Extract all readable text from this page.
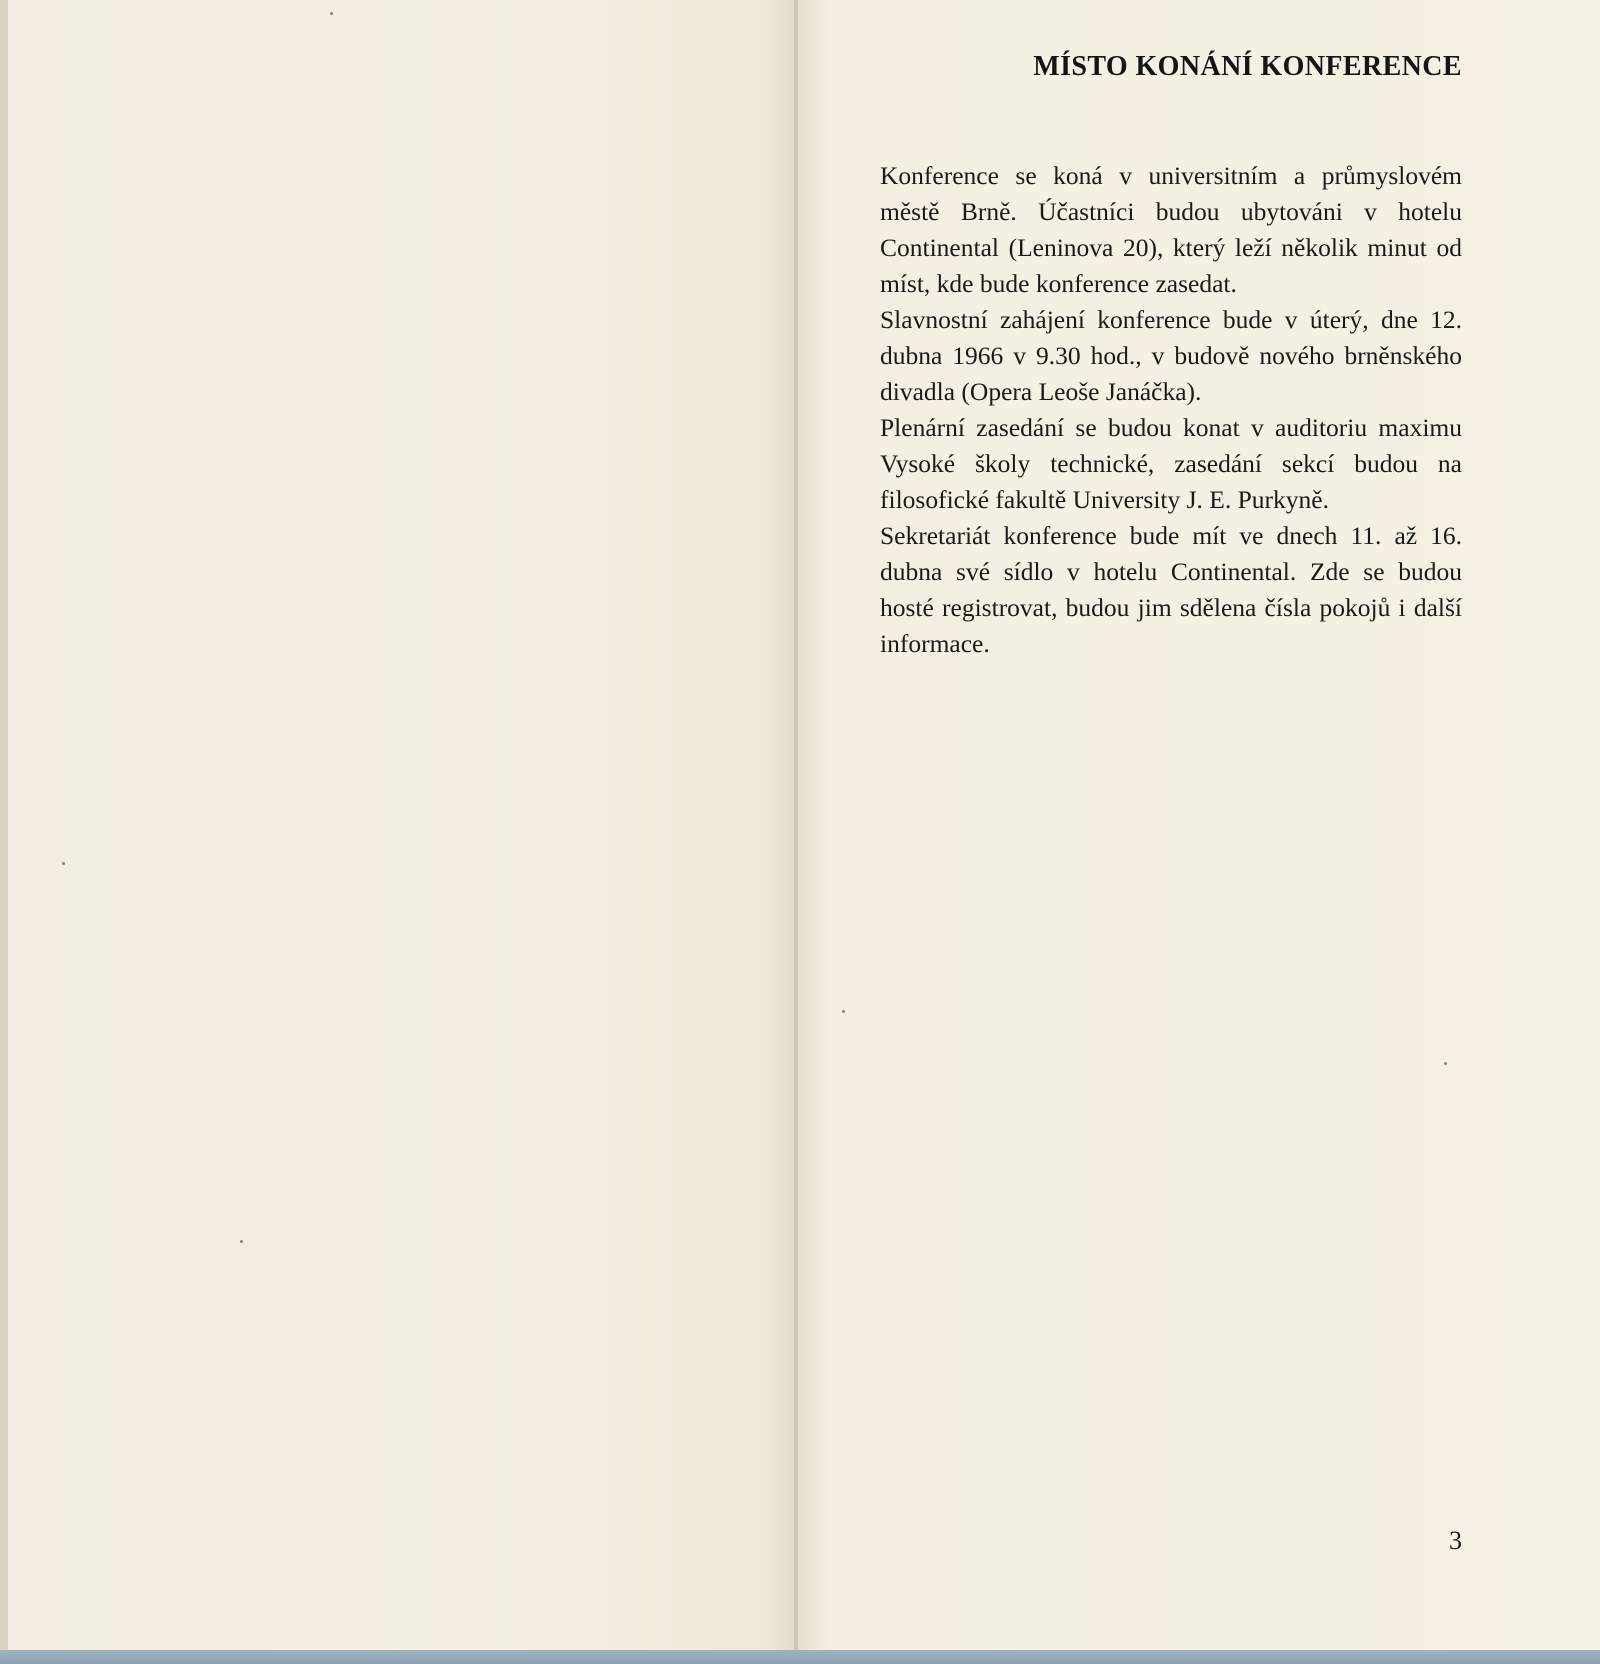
MÍSTO KONÁNÍ KONFERENCE

Konference se koná v universitním a průmyslovém městě Brně. Účastníci budou ubytováni v hotelu Continental (Leninova 20), který leží několik minut od míst, kde bude konference zasedat.

Slavnostní zahájení konference bude v úterý, dne 12. dubna 1966 v 9.30 hod., v budově nového brněnského divadla (Opera Leoše Janáčka).

Plenární zasedání se budou konat v auditoriu maximu Vysoké školy technické, zasedání sekcí budou na filosofické fakultě University J. E. Purkyně.

Sekretariát konference bude mít ve dnech 11. až 16. dubna své sídlo v hotelu Continental. Zde se budou hosté registrovat, budou jim sdělena čísla pokojů i další informace.

3
